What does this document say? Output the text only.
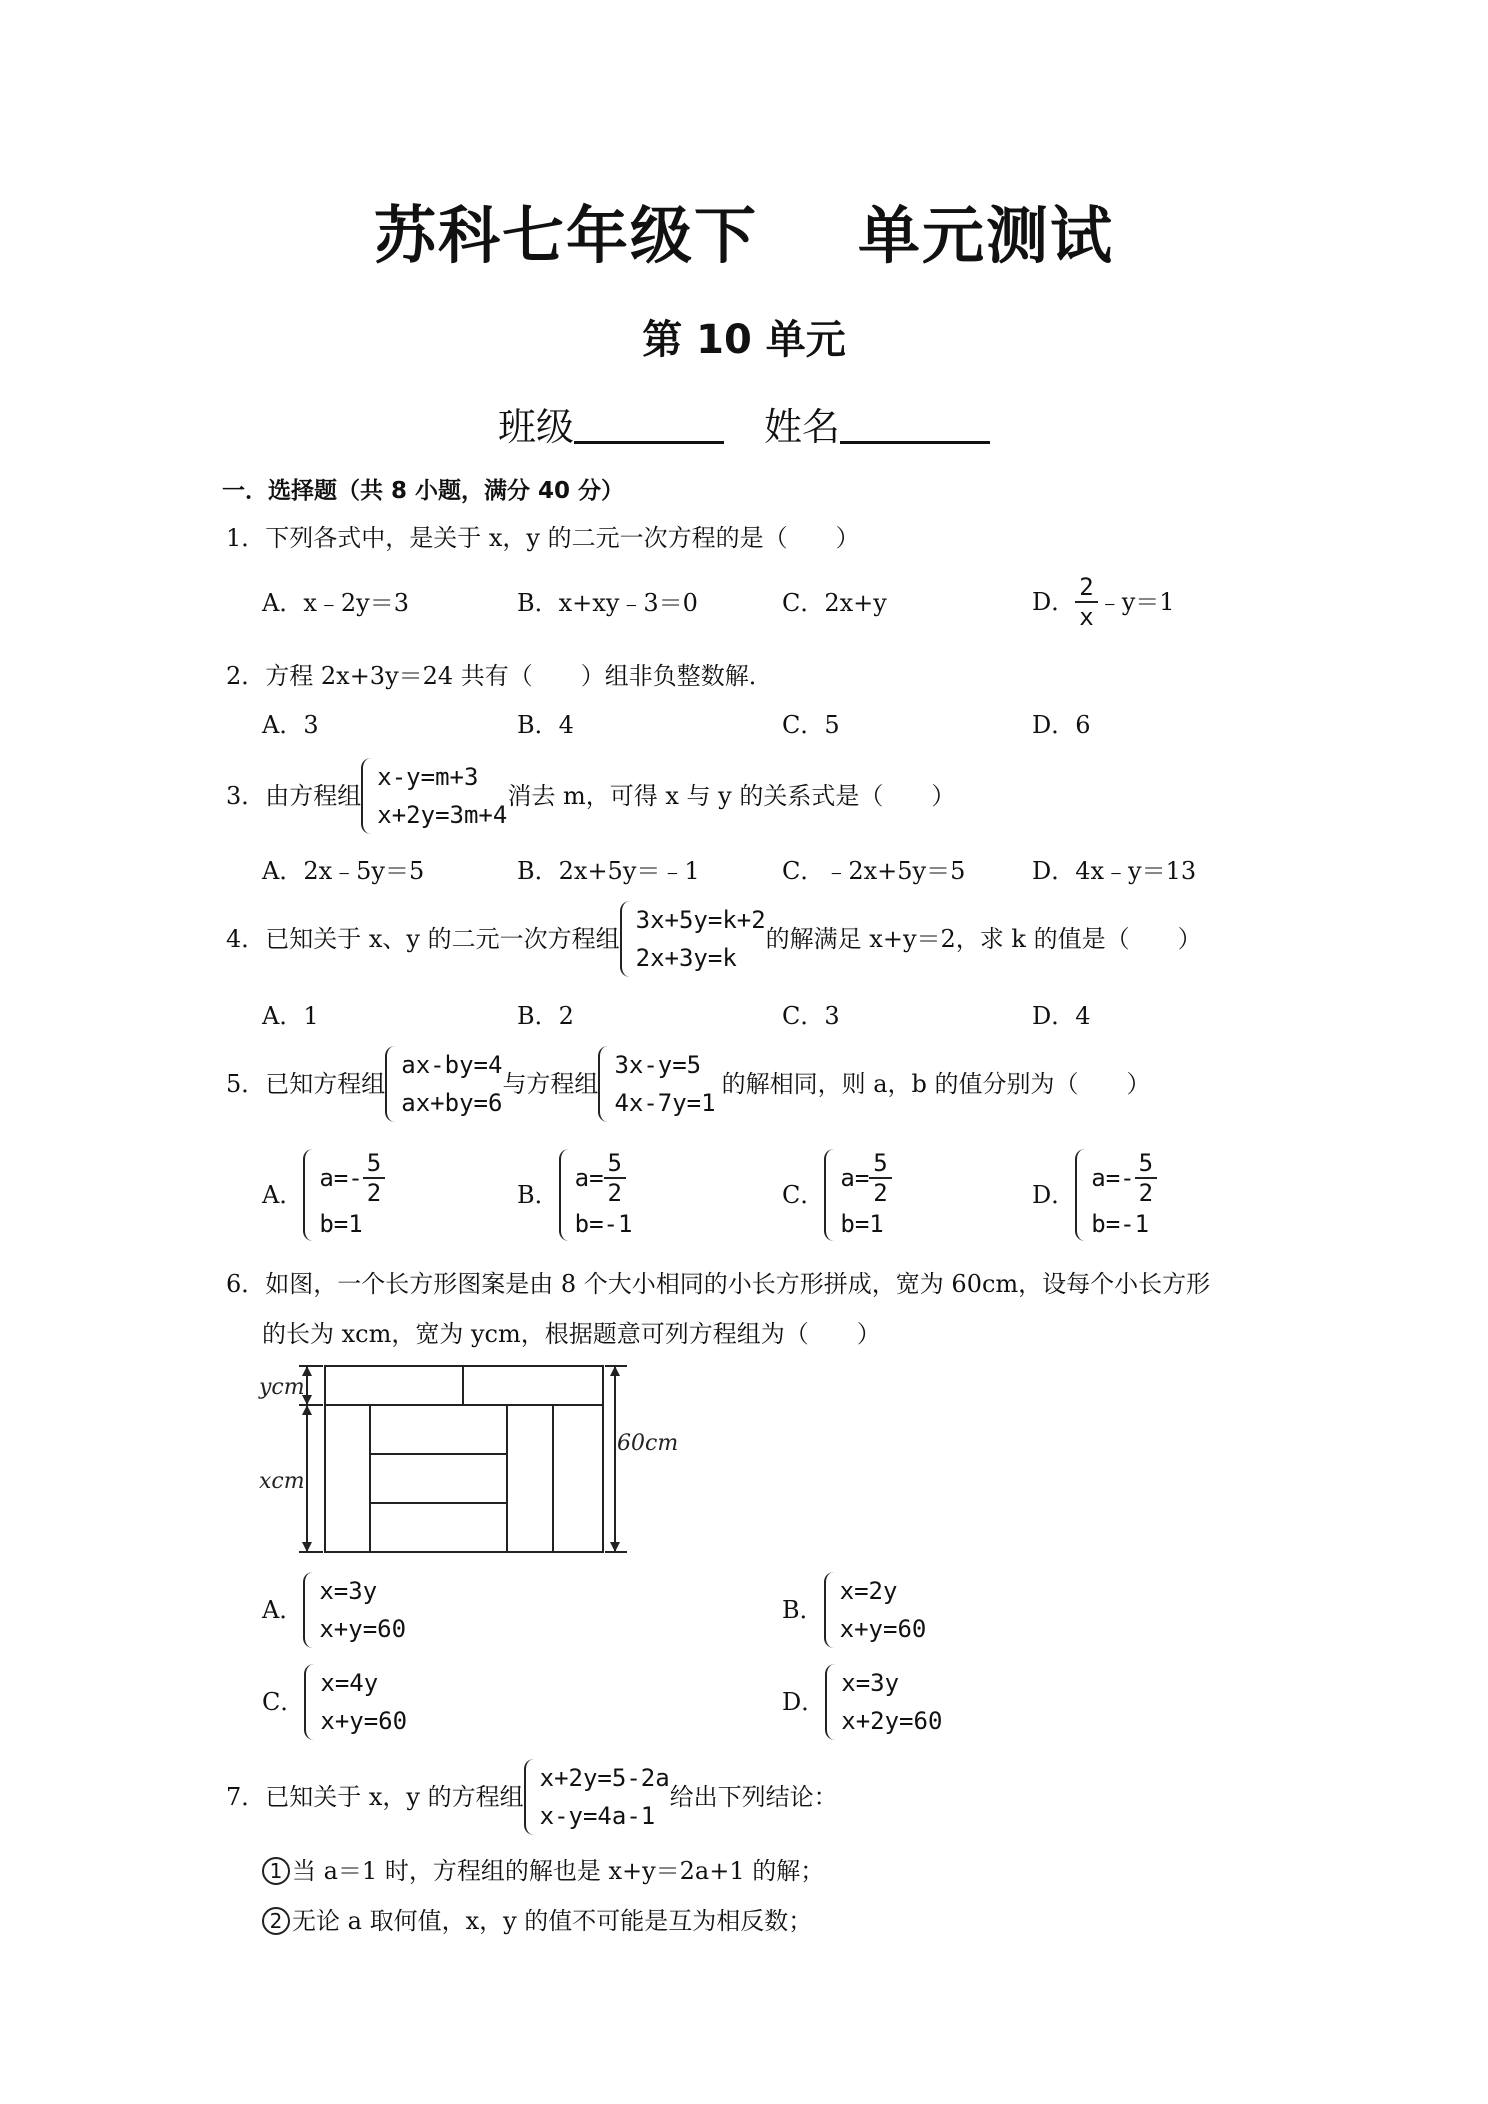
苏科七年级下 单元测试
第 10 单元
班级	姓名
一．选择题（共 8 小题，满分 40 分）
1．下列各式中，是关于 x，y 的二元一次方程的是（　　）
A．x﹣2y＝3	B．x+xy﹣3＝0	C．2x+y	D． $\frac{2}{x}$ ﹣y＝1
2．方程 2x+3y＝24 共有（　　）组非负整数解．
A．3	B．4	C．5	D．6
3．由方程组
x-y=m+3
x+2y=3m+4
消去 m，可得 x 与 y 的关系式是（　　）
A．2x﹣5y＝5	B．2x+5y＝﹣1	C．﹣2x+5y＝5	D．4x﹣y＝13
4．已知关于 x、y 的二元一次方程组
3x+5y=k+2
2x+3y=k
的解满足 x+y＝2，求 k 的值是（　　）
A．1	B．2	C．3	D．4
5．已知方程组
ax-by=4
ax+by=6
与方程组
3x-y=5
4x-7y=1
的解相同，则 a，b 的值分别为（　　）
A．
$a=- \frac{5}{2}$
b=1
B．
$a= \frac{5}{2}$
b=-1
C．
$a= \frac{5}{2}$
b=1
D．
$a=- \frac{5}{2}$
b=-1
6．如图，一个长方形图案是由 8 个大小相同的小长方形拼成，宽为 60cm，设每个小长方形
的长为 xcm，宽为 ycm，根据题意可列方程组为（　　）
ycm
xcm
60cm
A．
x=3y
x+y=60
B．
x=2y
x+y=60
C．
x=4y
x+y=60
D．
x=3y
x+2y=60
7．已知关于 x，y 的方程组
x+2y=5-2a
x-y=4a-1
给出下列结论：
1 当 a＝1 时，方程组的解也是 x+y＝2a+1 的解；
2 无论 a 取何值，x，y 的值不可能是互为相反数；
